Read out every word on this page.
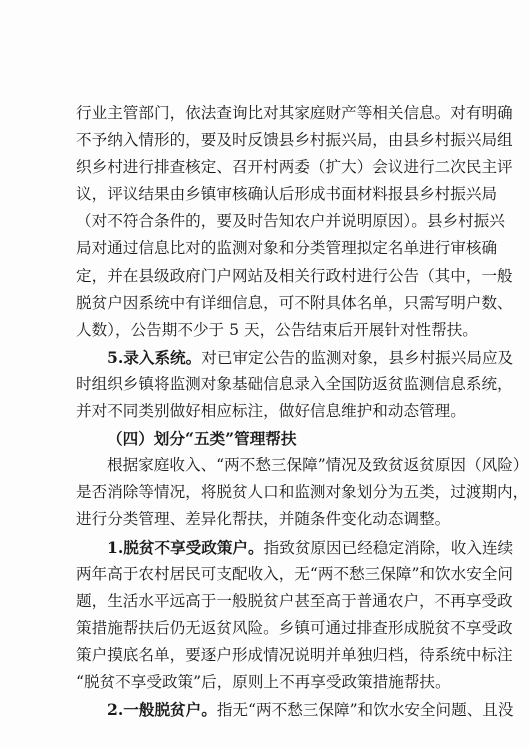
行业主管部门，依法查询比对其家庭财产等相关信息。对有明确
不予纳入情形的，要及时反馈县乡村振兴局，由县乡村振兴局组
织乡村进行排查核定、召开村两委（扩大）会议进行二次民主评
议，评议结果由乡镇审核确认后形成书面材料报县乡村振兴局
（对不符合条件的，要及时告知农户并说明原因）。县乡村振兴
局对通过信息比对的监测对象和分类管理拟定名单进行审核确
定，并在县级政府门户网站及相关行政村进行公告（其中，一般
脱贫户因系统中有详细信息，可不附具体名单，只需写明户数、
人数），公告期不少于 5 天，公告结束后开展针对性帮扶。
5.录入系统。对已审定公告的监测对象，县乡村振兴局应及
时组织乡镇将监测对象基础信息录入全国防返贫监测信息系统，
并对不同类别做好相应标注，做好信息维护和动态管理。
（四）划分“五类”管理帮扶
根据家庭收入、“两不愁三保障”情况及致贫返贫原因（风险）
是否消除等情况，将脱贫人口和监测对象划分为五类，过渡期内，
进行分类管理、差异化帮扶，并随条件变化动态调整。
1.脱贫不享受政策户。指致贫原因已经稳定消除，收入连续
两年高于农村居民可支配收入，无“两不愁三保障”和饮水安全问
题，生活水平远高于一般脱贫户甚至高于普通农户，不再享受政
策措施帮扶后仍无返贫风险。乡镇可通过排查形成脱贫不享受政
策户摸底名单，要逐户形成情况说明并单独归档，待系统中标注
“脱贫不享受政策”后，原则上不再享受政策措施帮扶。
2.一般脱贫户。指无“两不愁三保障”和饮水安全问题、且没
